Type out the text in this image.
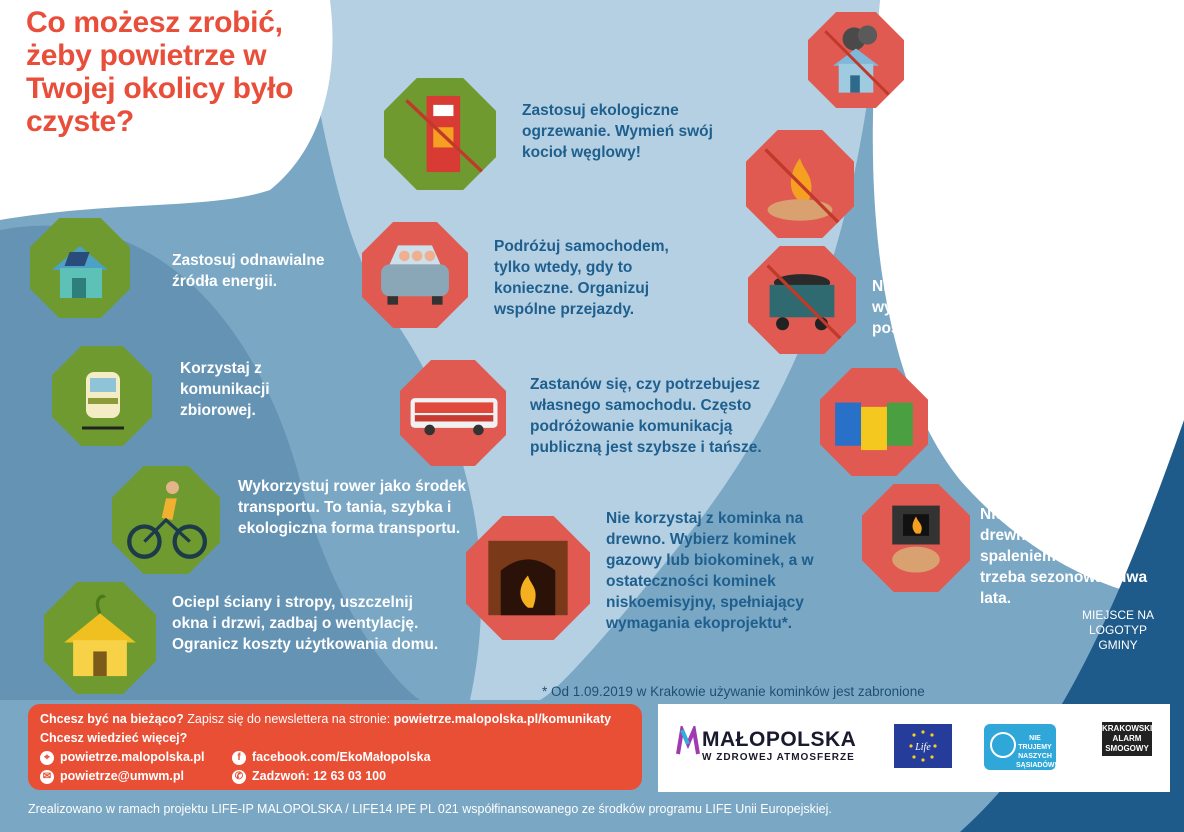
Co możesz zrobić, żeby powietrze w Twojej okolicy było czyste?
Zastosuj odnawialne źródła energii.
Korzystaj z komunikacji zbiorowej.
Wykorzystuj rower jako środek transportu. To tania, szybka i ekologiczna forma transportu.
Ociepl ściany i stropy, uszczelnij okna i drzwi, zadbaj o wentylację. Ogranicz koszty użytkowania domu.
Zastosuj ekologiczne ogrzewanie. Wymień swój kocioł węglowy!
Podróżuj samochodem, tylko wtedy, gdy to konieczne. Organizuj wspólne przejazdy.
Zastanów się, czy potrzebujesz własnego samochodu. Często podróżowanie komunikacją publiczną jest szybsze i tańsze.
Nie korzystaj z kominka na drewno. Wybierz kominek gazowy lub biokominek, a w ostateczności kominek niskoemisyjny, spełniający wymagania ekoprojektu*.
Przekonaj sąsiadów i bliskich, że czyste powietrze to nasza wspólna sprawa.
Nie spalaj pozostałości roślinnych i gałęzi! Kompostuj sam lub przekaż sąsiadowi.
Nie spalaj węgla złej jakości. Korzystaj wyłącznie z dobrego paliwa posiadającego świadectwo jakości!
Nie spalaj odpadów! Segreguj je!
Nie spalaj wilgotnego drewna! Przed spaleniem drewno trzeba sezonować dwa lata.
MIEJSCE NA LOGOTYP GMINY
* Od 1.09.2019 w Krakowie używanie kominków jest zabronione
Chcesz być na bieżąco? Zapisz się do newslettera na stronie: powietrze.malopolska.pl/komunikaty
Chcesz wiedzieć więcej?
⌖ powietrze.malopolska.pl
✉ powietrze@umwm.pl
f facebook.com/EkoMałopolska
✆ Zadzwoń: 12 63 03 100
MAŁOPOLSKA
W ZDROWEJ ATMOSFERZE
Life
NIE TRUJEMY NASZYCH SĄSIADÓW!
KRAKOWSKI ALARM SMOGOWY
Zrealizowano w ramach projektu LIFE-IP MALOPOLSKA / LIFE14 IPE PL 021 współfinansowanego ze środków programu LIFE Unii Europejskiej.
